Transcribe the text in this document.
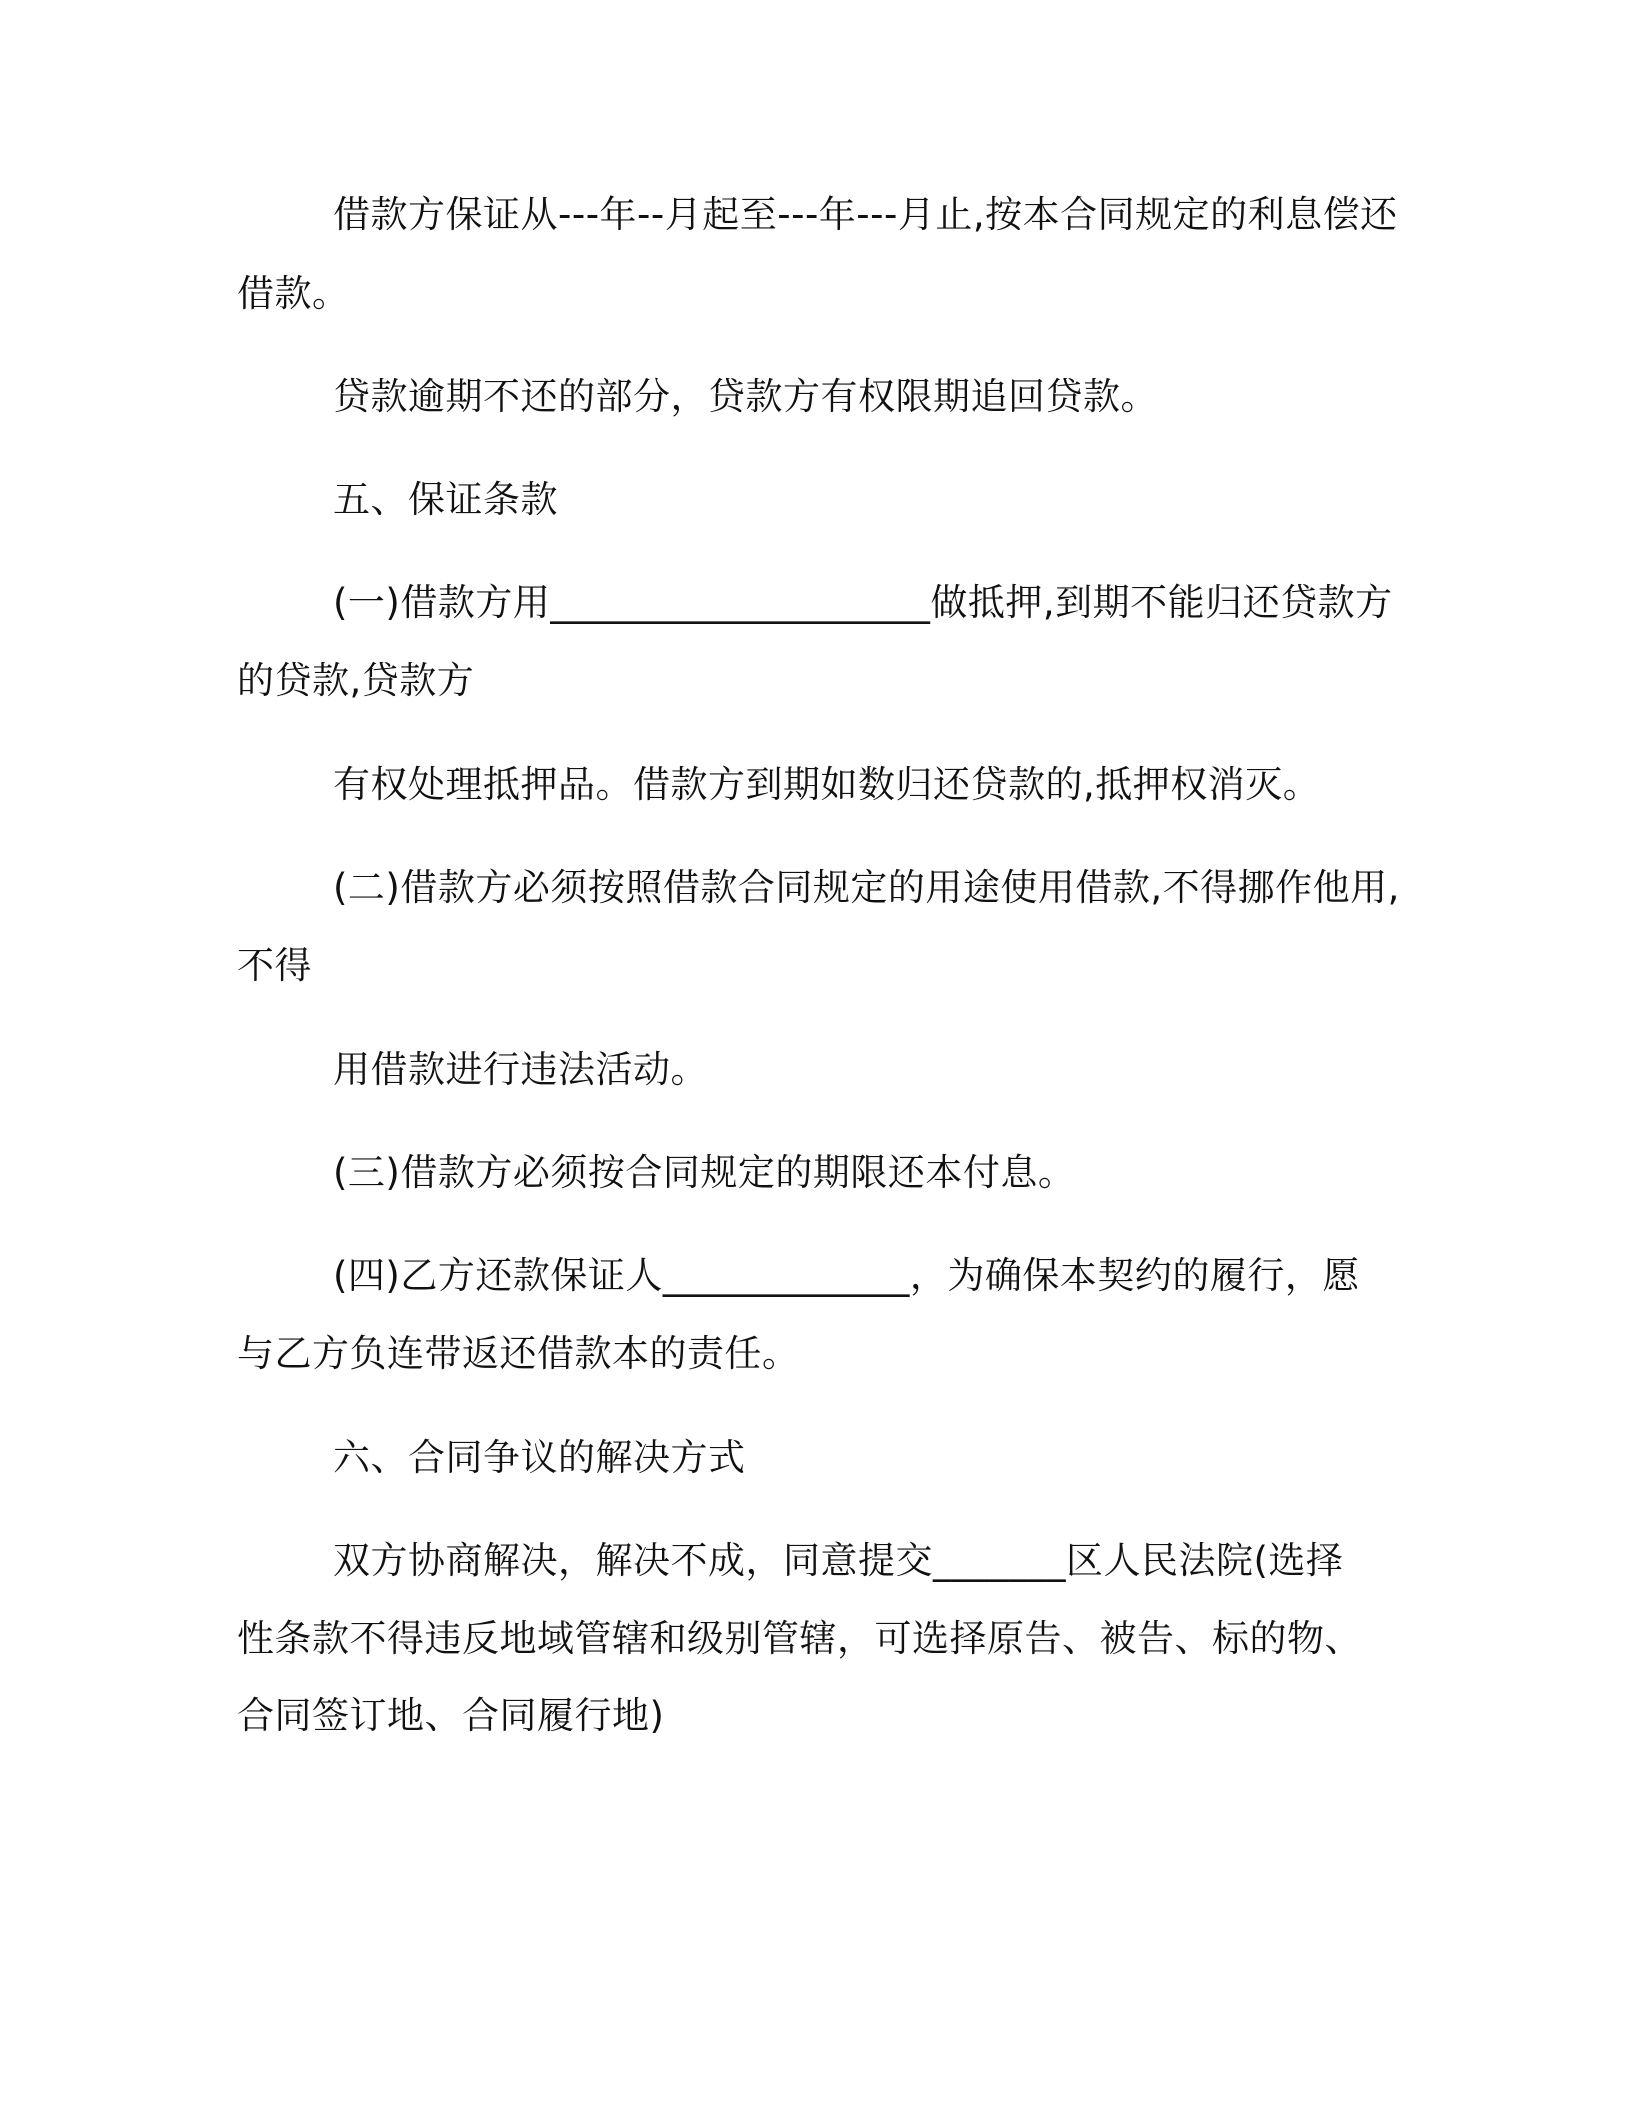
借款方保证从---年--月起至---年---月止,按本合同规定的利息偿还
借款。
贷款逾期不还的部分，贷款方有权限期追回贷款。
五、保证条款
(一)借款方用____________________做抵押,到期不能归还贷款方
的贷款,贷款方
有权处理抵押品。借款方到期如数归还贷款的,抵押权消灭。
(二)借款方必须按照借款合同规定的用途使用借款,不得挪作他用,
不得
用借款进行违法活动。
(三)借款方必须按合同规定的期限还本付息。
(四)乙方还款保证人_____________，为确保本契约的履行，愿
与乙方负连带返还借款本的责任。
六、合同争议的解决方式
双方协商解决，解决不成，同意提交_______区人民法院(选择
性条款不得违反地域管辖和级别管辖，可选择原告、被告、标的物、
合同签订地、合同履行地)
